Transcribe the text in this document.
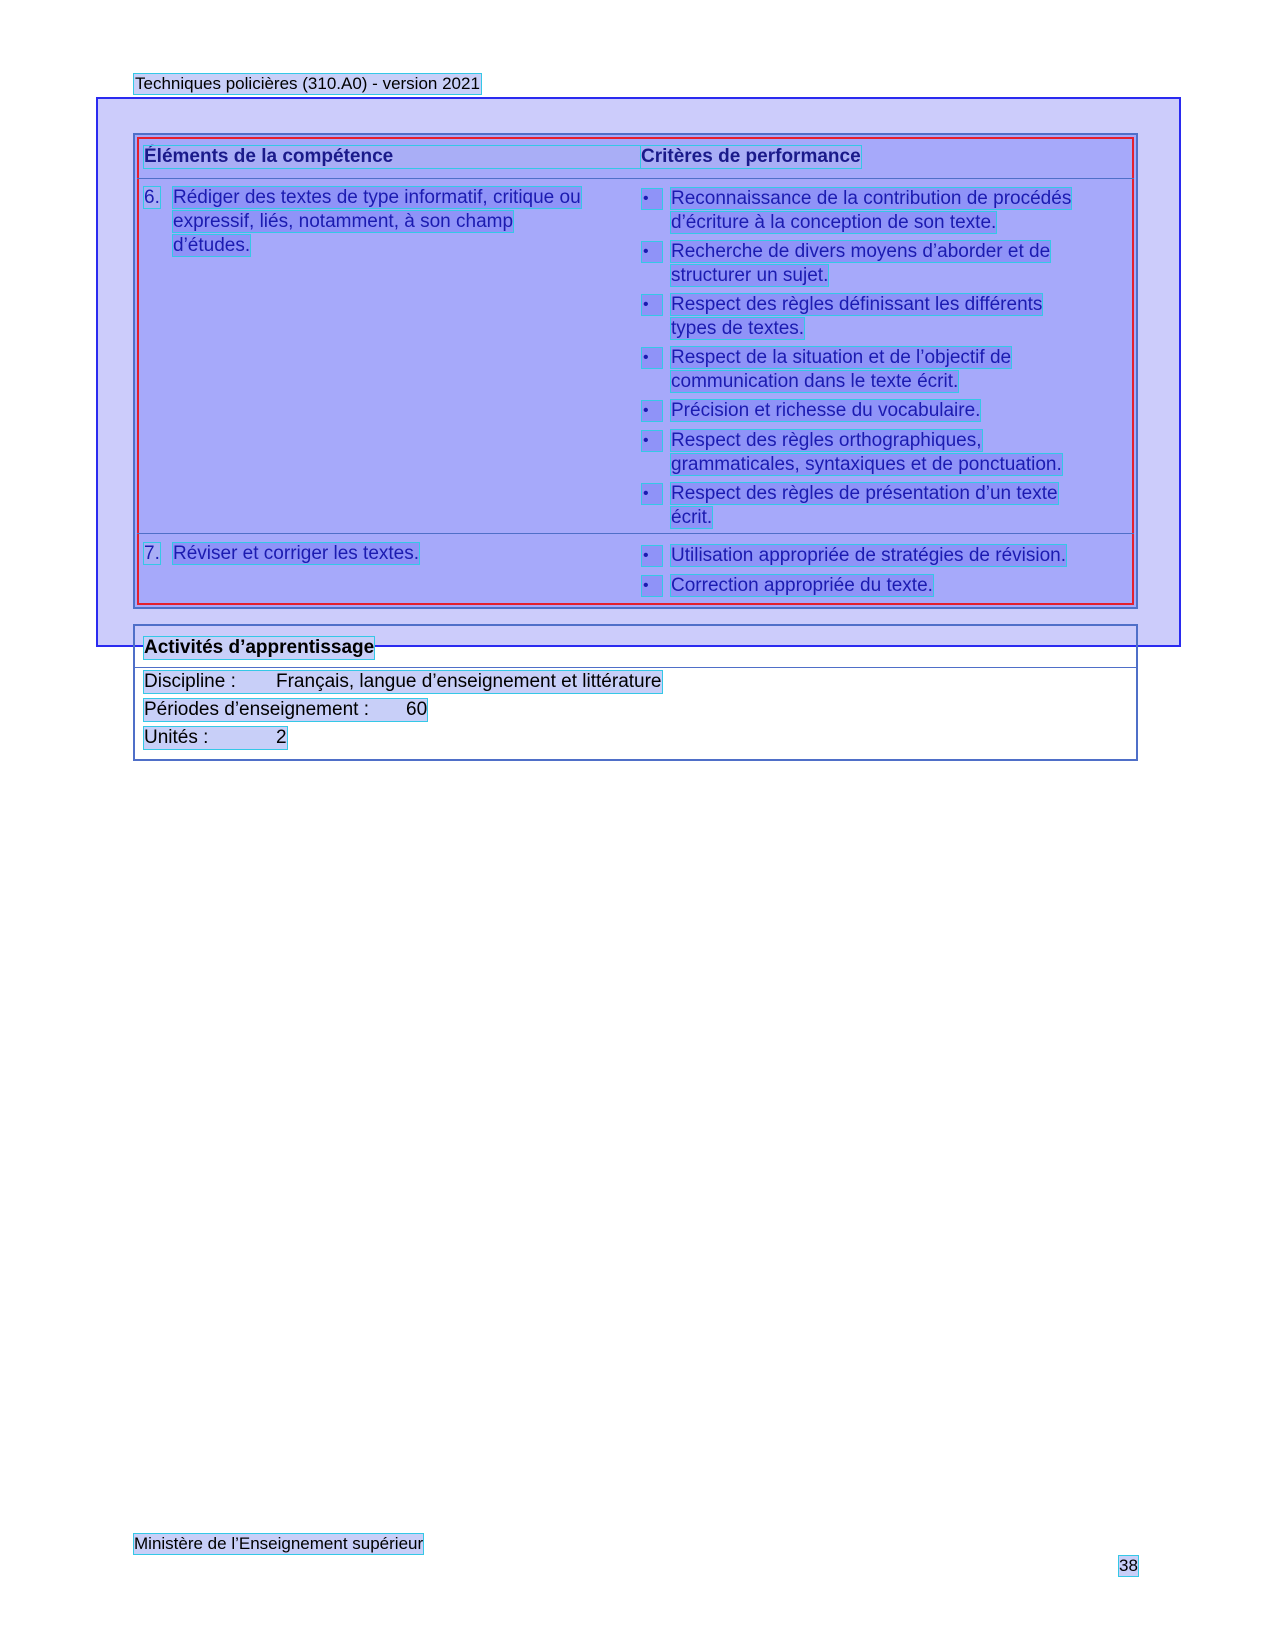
Techniques policières (310.A0) - version 2021
Éléments de la compétence	Critères de performance
6. Rédiger des textes de type informatif, critique ou
expressif, liés, notamment, à son champ
d’études.
•	Reconnaissance de la contribution de procédés
d’écriture à la conception de son texte.
•	Recherche de divers moyens d’aborder et de
structurer un sujet.
•	Respect des règles définissant les différents
types de textes.
•	Respect de la situation et de l’objectif de
communication dans le texte écrit.
•	Précision et richesse du vocabulaire.
•	Respect des règles orthographiques,
grammaticales, syntaxiques et de ponctuation.
•	Respect des règles de présentation d’un texte
écrit.
7. Réviser et corriger les textes.	•	Utilisation appropriée de stratégies de révision.
•	Correction appropriée du texte.
Activités d’apprentissage
Discipline : Français, langue d’enseignement et littérature
Périodes d’enseignement : 60
Unités :	2
Ministère de l’Enseignement supérieur
38
